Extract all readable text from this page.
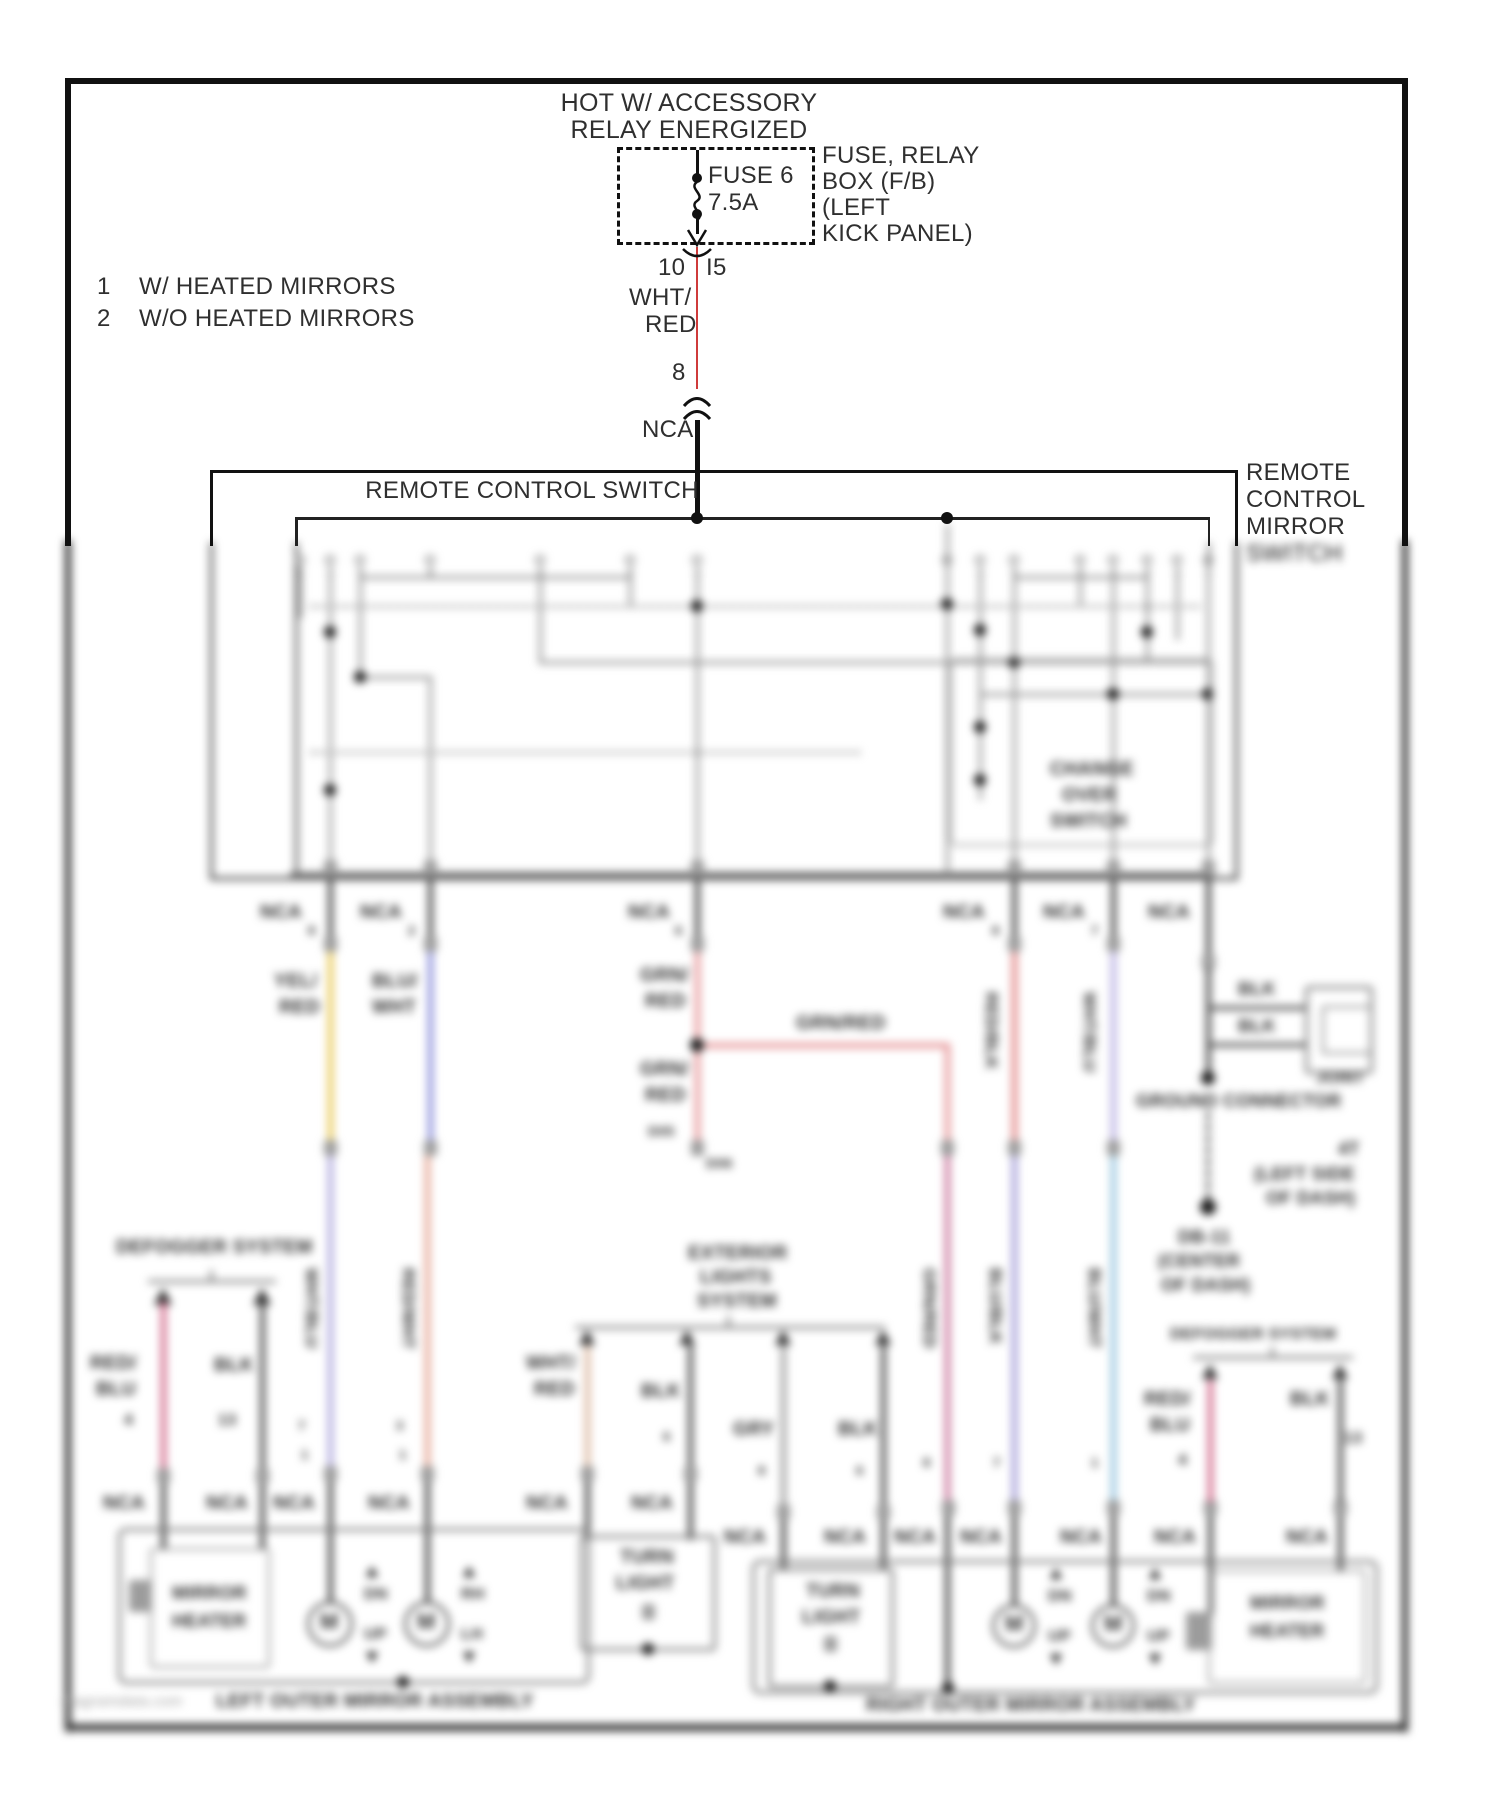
SWITCH
CHANGE
OVER
SWITCH
8	2	6	8	7
NCA	NCA	NCA	NCA	NCA	NCA
BLK
BLK
JOINT
GROUND CONNECTOR
4T
(LEFT SIDE
OF DASH)
DB-11
(CENTER
OF DASH)
YEL/
RED
BLU/
WHT
GRN/
RED
GRN/RED
GRN/
RED
D05
D06
RED/BLK	WHT/BLU
WHT/BLU	RED/WHT	GRN/RED	BLU/BLK	BLU/WHT
7
1
3
1
8	7	1
DEFOGGER SYSTEM
RED/
BLU
4
BLK
13
EXTERIOR
LIGHTS
SYSTEM
WHT/
RED	BLK
GRY	BLK
6
8	6
NCA	NCA NCA	NCA	NCA	NCA
NCA	NCA NCA NCA	NCA	NCA	NCA
DEFOGGER SYSTEM
RED/
BLU
4
BLK
13
MIRROR
HEATER	M
DN
UP
M
RH
LH
TURN
LIGHT	TURN
LIGHT
MIRROR
HEATER
M
DN
UP
M
DN
UP
diagramdata.com LEFT OUTER MIRROR ASSEMBLY	RIGHT OUTER MIRROR ASSEMBLY
HOT W/ ACCESSORY
RELAY ENERGIZED
FUSE 6
7.5A
FUSE, RELAY
BOX (F/B)
(LEFT
KICK PANEL)
10 I5
WHT/
RED
8
NCA
1 W/ HEATED MIRRORS
2 W/O HEATED MIRRORS
REMOTE CONTROL SWITCH
REMOTE
CONTROL
MIRROR
